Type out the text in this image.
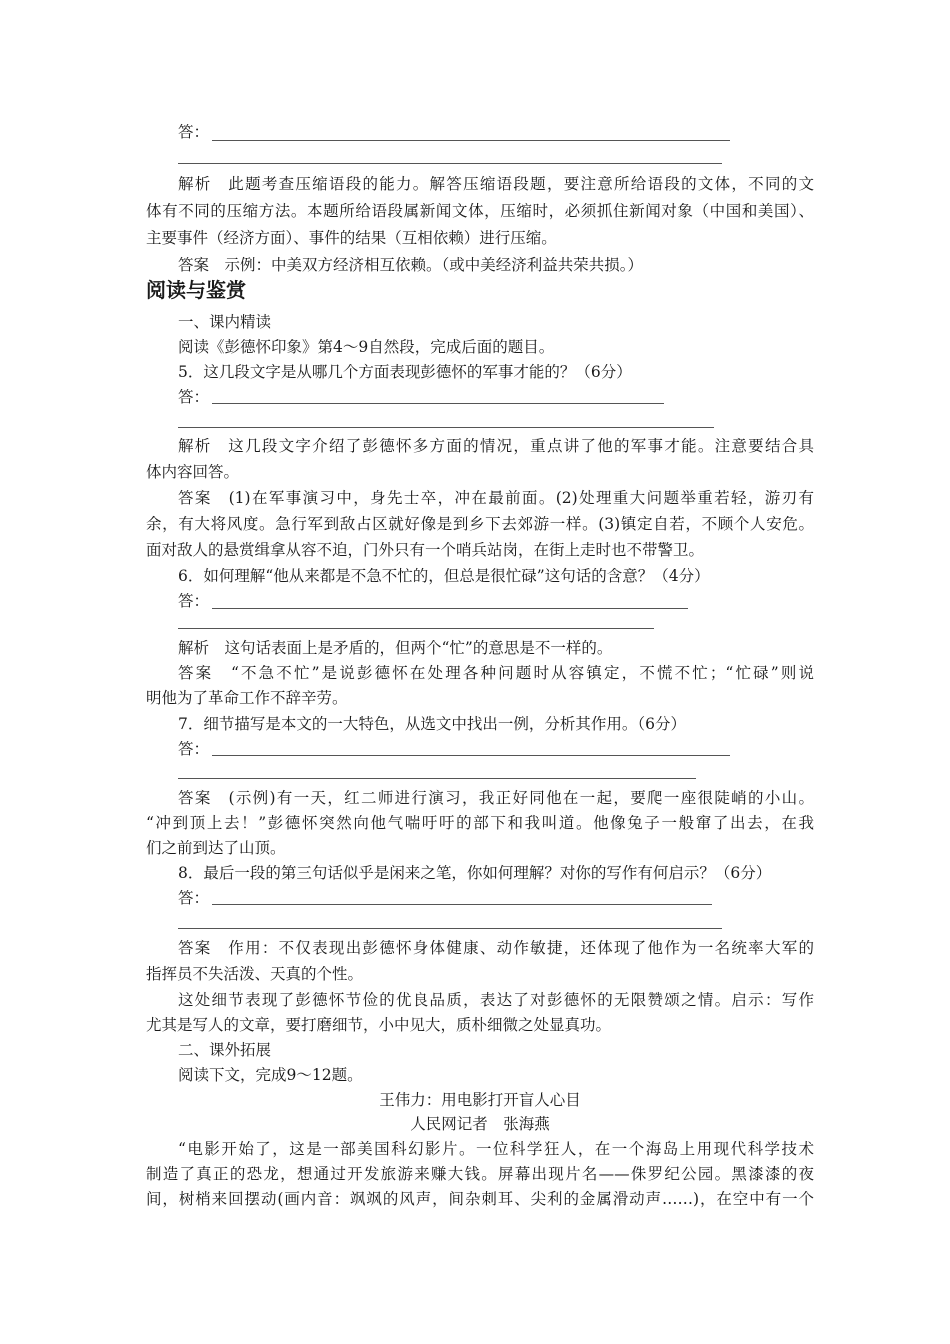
答：
解析　此题考查压缩语段的能力。解答压缩语段题，要注意所给语段的文体，不同的文
体有不同的压缩方法。本题所给语段属新闻文体，压缩时，必须抓住新闻对象（中国和美国）、
主要事件（经济方面）、事件的结果（互相依赖）进行压缩。
答案　示例：中美双方经济相互依赖。（或中美经济利益共荣共损。）
阅读与鉴赏
一、课内精读
阅读《彭德怀印象》第4～9自然段，完成后面的题目。
5．这几段文字是从哪几个方面表现彭德怀的军事才能的？（6分）
答：
解析　这几段文字介绍了彭德怀多方面的情况，重点讲了他的军事才能。注意要结合具
体内容回答。
答案　(1)在军事演习中，身先士卒，冲在最前面。(2)处理重大问题举重若轻，游刃有
余，有大将风度。急行军到敌占区就好像是到乡下去郊游一样。(3)镇定自若，不顾个人安危。
面对敌人的悬赏缉拿从容不迫，门外只有一个哨兵站岗，在街上走时也不带警卫。
6．如何理解“他从来都是不急不忙的，但总是很忙碌”这句话的含意？（4分）
答：
解析　这句话表面上是矛盾的，但两个“忙”的意思是不一样的。
答案　“不急不忙”是说彭德怀在处理各种问题时从容镇定，不慌不忙；“忙碌”则说
明他为了革命工作不辞辛劳。
7．细节描写是本文的一大特色，从选文中找出一例，分析其作用。（6分）
答：
答案　(示例)有一天，红二师进行演习，我正好同他在一起，要爬一座很陡峭的小山。
“冲到顶上去！”彭德怀突然向他气喘吁吁的部下和我叫道。他像兔子一般窜了出去，在我
们之前到达了山顶。
8．最后一段的第三句话似乎是闲来之笔，你如何理解？对你的写作有何启示？（6分）
答：
答案　作用：不仅表现出彭德怀身体健康、动作敏捷，还体现了他作为一名统率大军的
指挥员不失活泼、天真的个性。
这处细节表现了彭德怀节俭的优良品质，表达了对彭德怀的无限赞颂之情。启示：写作
尤其是写人的文章，要打磨细节，小中见大，质朴细微之处显真功。
二、课外拓展
阅读下文，完成9～12题。
王伟力：用电影打开盲人心目
人民网记者　张海燕
“电影开始了，这是一部美国科幻影片。一位科学狂人，在一个海岛上用现代科学技术
制造了真正的恐龙，想通过开发旅游来赚大钱。屏幕出现片名——侏罗纪公园。黑漆漆的夜
间，树梢来回摆动(画内音：飒飒的风声，间杂刺耳、尖利的金属滑动声……)，在空中有一个
